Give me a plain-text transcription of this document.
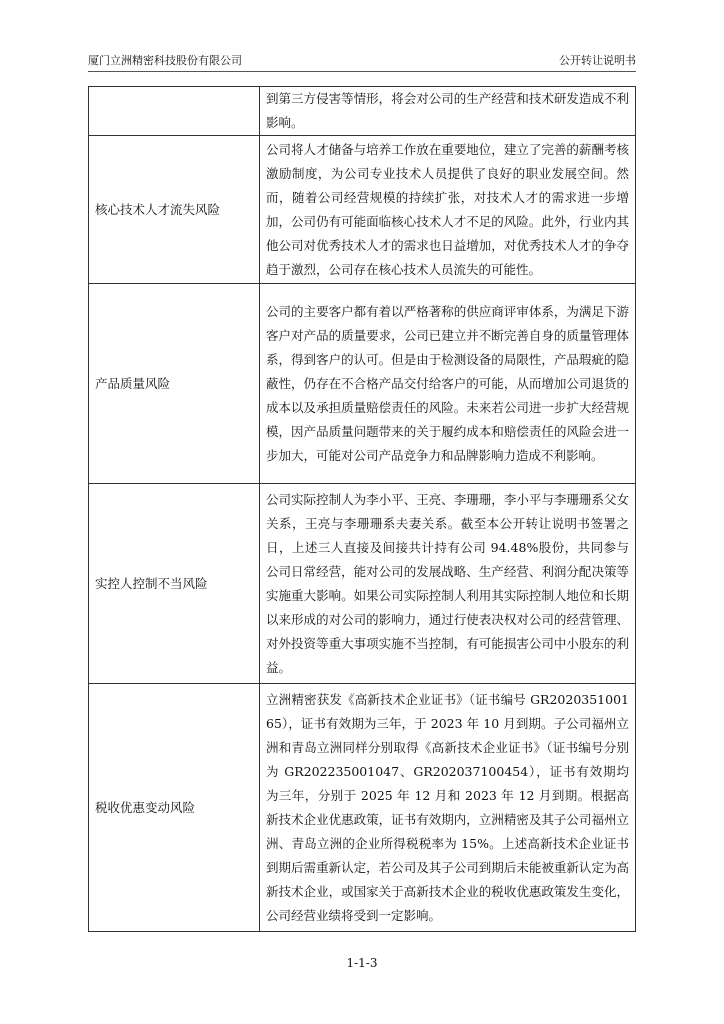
厦门立洲精密科技股份有限公司	公开转让说明书
	到第三方侵害等情形，将会对公司的生产经营和技术研发造成不利影响。
核心技术人才流失风险	公司将人才储备与培养工作放在重要地位，建立了完善的薪酬考核激励制度，为公司专业技术人员提供了良好的职业发展空间。然而，随着公司经营规模的持续扩张，对技术人才的需求进一步增加，公司仍有可能面临核心技术人才不足的风险。此外，行业内其他公司对优秀技术人才的需求也日益增加，对优秀技术人才的争夺趋于激烈，公司存在核心技术人员流失的可能性。
产品质量风险	公司的主要客户都有着以严格著称的供应商评审体系，为满足下游客户对产品的质量要求，公司已建立并不断完善自身的质量管理体系，得到客户的认可。但是由于检测设备的局限性，产品瑕疵的隐蔽性，仍存在不合格产品交付给客户的可能，从而增加公司退货的成本以及承担质量赔偿责任的风险。未来若公司进一步扩大经营规模，因产品质量问题带来的关于履约成本和赔偿责任的风险会进一步加大，可能对公司产品竞争力和品牌影响力造成不利影响。
实控人控制不当风险	公司实际控制人为李小平、王亮、李珊珊，李小平与李珊珊系父女关系，王亮与李珊珊系夫妻关系。截至本公开转让说明书签署之日，上述三人直接及间接共计持有公司 94.48%股份，共同参与公司日常经营，能对公司的发展战略、生产经营、利润分配决策等实施重大影响。如果公司实际控制人利用其实际控制人地位和长期以来形成的对公司的影响力，通过行使表决权对公司的经营管理、对外投资等重大事项实施不当控制，有可能损害公司中小股东的利益。
税收优惠变动风险	立洲精密获发《高新技术企业证书》（证书编号 GR202035100165），证书有效期为三年，于 2023 年 10 月到期。子公司福州立洲和青岛立洲同样分别取得《高新技术企业证书》（证书编号分别为 GR202235001047、GR202037100454），证书有效期均为三年，分别于 2025 年 12 月和 2023 年 12 月到期。根据高新技术企业优惠政策，证书有效期内，立洲精密及其子公司福州立洲、青岛立洲的企业所得税税率为 15%。上述高新技术企业证书到期后需重新认定，若公司及其子公司到期后未能被重新认定为高新技术企业，或国家关于高新技术企业的税收优惠政策发生变化，公司经营业绩将受到一定影响。
1-1-3
